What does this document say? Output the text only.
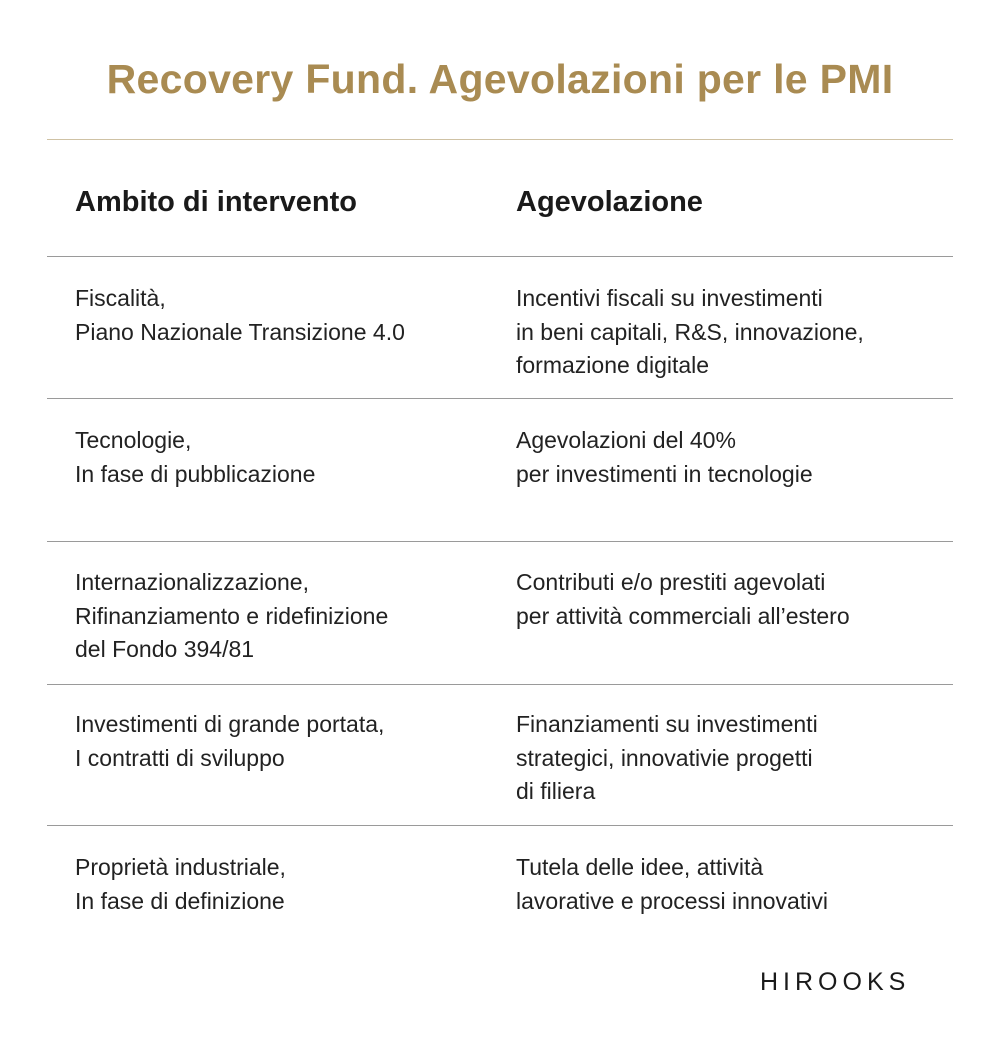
Recovery Fund. Agevolazioni per le PMI
Ambito di intervento	Agevolazione
Fiscalità,
Piano Nazionale Transizione 4.0
Incentivi fiscali su investimenti
in beni capitali, R&S, innovazione,
formazione digitale
Tecnologie,
In fase di pubblicazione
Agevolazioni del 40%
per investimenti in tecnologie
Internazionalizzazione,
Rifinanziamento e ridefinizione
del Fondo 394/81
Contributi e/o prestiti agevolati
per attività commerciali all’estero
Investimenti di grande portata,
I contratti di sviluppo
Finanziamenti su investimenti
strategici, innovativie progetti
di filiera
Proprietà industriale,
In fase di definizione
Tutela delle idee, attività
lavorative e processi innovativi
HIROOKS
